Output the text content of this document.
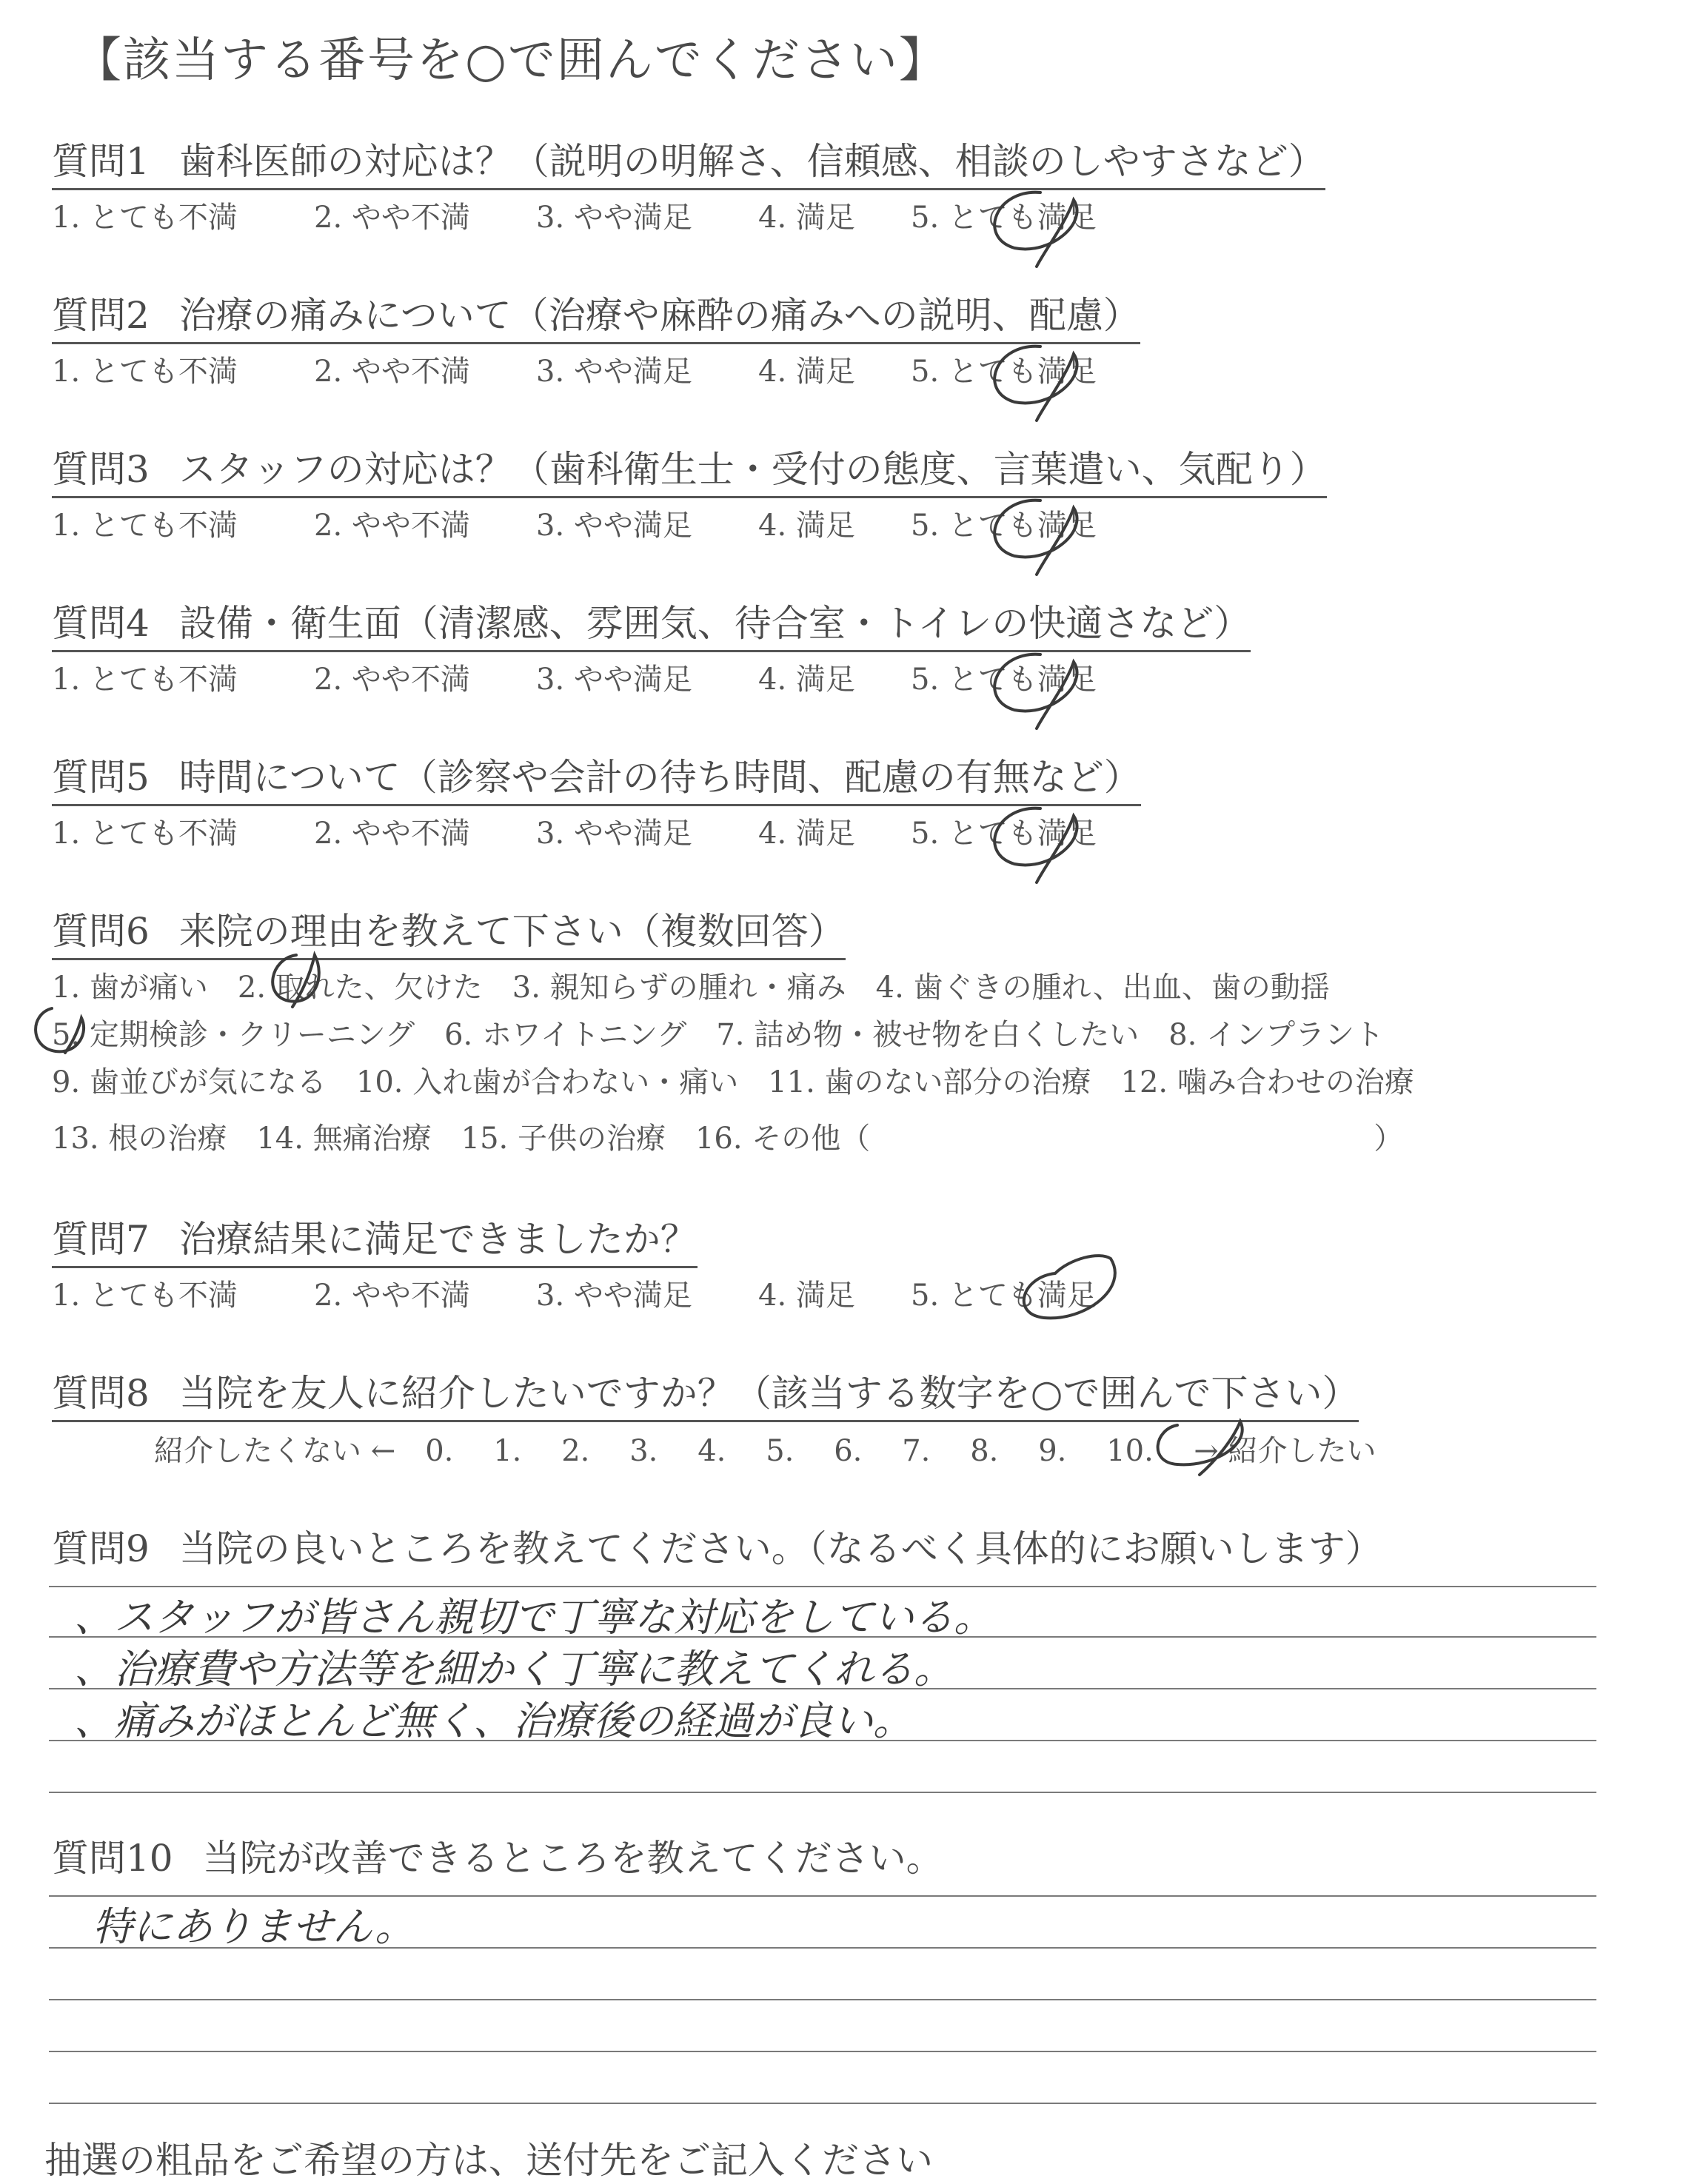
【該当する番号を○で囲んでください】
質問1 歯科医師の対応は？（説明の明解さ、信頼感、相談のしやすさなど）
1. とても不満	2. やや不満 3. やや満足 4. 満足 5. とても満足
質問2 治療の痛みについて（治療や麻酔の痛みへの説明、配慮）
1. とても不満	2. やや不満 3. やや満足 4. 満足 5. とても満足
質問3 スタッフの対応は？（歯科衛生士・受付の態度、言葉遣い、気配り）
1. とても不満	2. やや不満 3. やや満足 4. 満足 5. とても満足
質問4 設備・衛生面（清潔感、雰囲気、待合室・トイレの快適さなど）
1. とても不満	2. やや不満 3. やや満足 4. 満足 5. とても満足
質問5 時間について（診察や会計の待ち時間、配慮の有無など）
1. とても不満	2. やや不満 3. やや満足 4. 満足 5. とても満足
質問6 来院の理由を教えて下さい（複数回答）
1. 歯が痛い　2. 取れた、欠けた　3. 親知らずの腫れ・痛み　4. 歯ぐきの腫れ、出血、歯の動揺
5. 定期検診・クリーニング　6. ホワイトニング　7. 詰め物・被せ物を白くしたい　8. インプラント
9. 歯並びが気になる　10. 入れ歯が合わない・痛い　11. 歯のない部分の治療　12. 噛み合わせの治療
13. 根の治療　14. 無痛治療　15. 子供の治療　16. その他（　　　　　　　　　　　　　　　　　）
質問7 治療結果に満足できましたか？
1. とても不満	2. やや不満 3. やや満足 4. 満足 5. とても満足
質問8 当院を友人に紹介したいですか？（該当する数字を○で囲んで下さい）
紹介したくない ← 0. 1. 2. 3. 4. 5. 6. 7. 8. 9. 10. → 紹介したい
質問9 当院の良いところを教えてください。（なるべく具体的にお願いします）
、スタッフが皆さん親切で丁寧な対応をしている。
、治療費や方法等を細かく丁寧に教えてくれる。
、痛みがほとんど無く、治療後の経過が良い。
質問10 当院が改善できるところを教えてください。
特にありません。
抽選の粗品をご希望の方は、送付先をご記入ください
